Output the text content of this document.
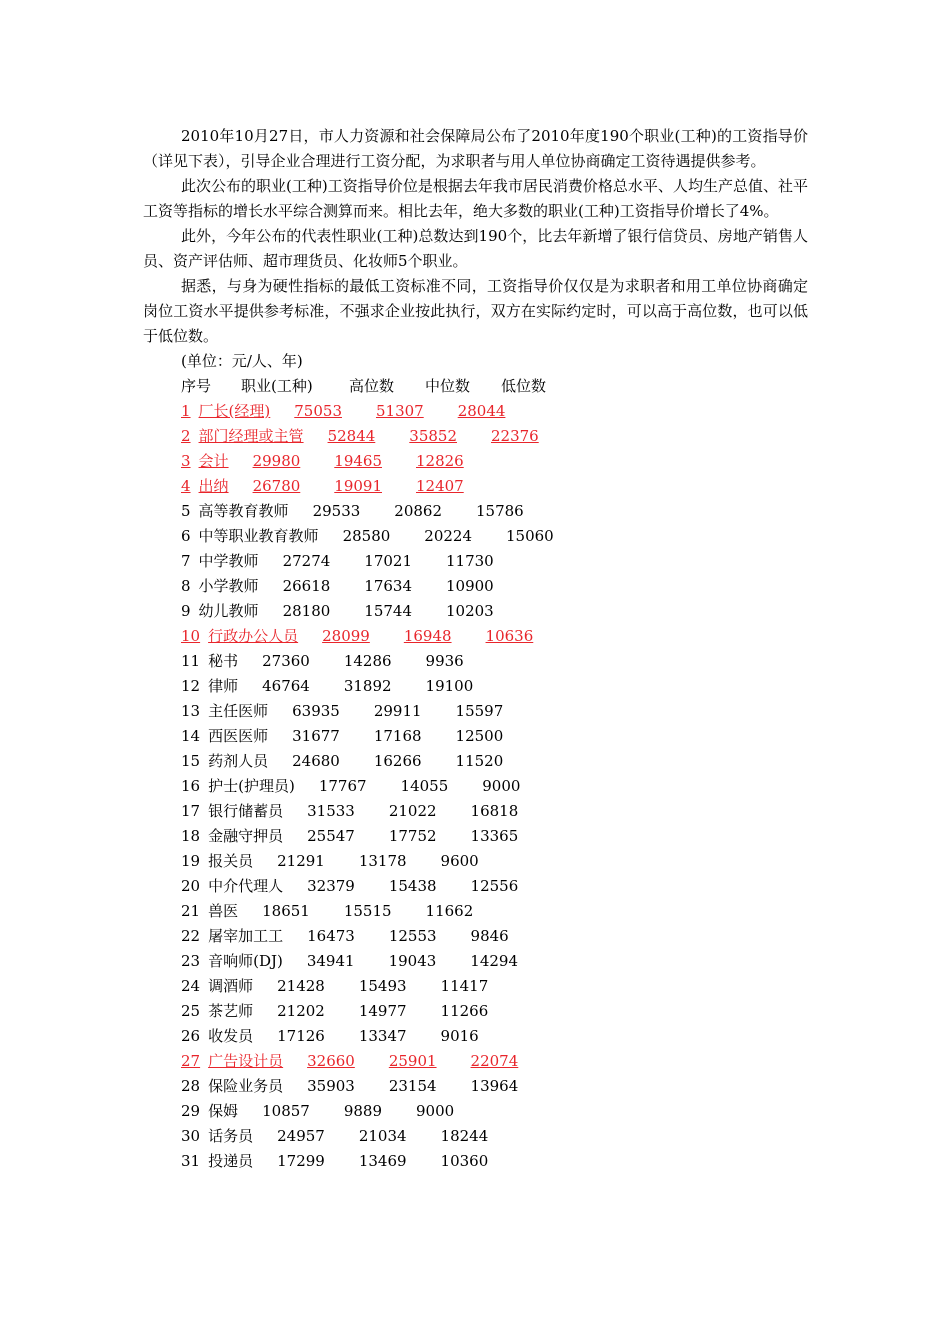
2010年10月27日，市人力资源和社会保障局公布了2010年度190个职业(工种)的工资指导价（详见下表），引导企业合理进行工资分配，为求职者与用人单位协商确定工资待遇提供参考。

此次公布的职业(工种)工资指导价位是根据去年我市居民消费价格总水平、人均生产总值、社平工资等指标的增长水平综合测算而来。相比去年，绝大多数的职业(工种)工资指导价增长了4%。

此外，今年公布的代表性职业(工种)总数达到190个，比去年新增了银行信贷员、房地产销售人员、资产评估师、超市理货员、化妆师5个职业。

据悉，与身为硬性指标的最低工资标准不同，工资指导价仅仅是为求职者和用工单位协商确定岗位工资水平提供参考标准，不强求企业按此执行，双方在实际约定时，可以高于高位数，也可以低于低位数。

(单位：元/人、年)

序号	职业(工种)	高位数	中位数	低位数
1 厂长(经理) 75053 51307 28044
2 部门经理或主管 52844 35852 22376
3 会计 29980 19465 12826
4 出纳 26780 19091 12407
5 高等教育教师 29533 20862 15786
6 中等职业教育教师 28580 20224 15060
7 中学教师 27274 17021 11730
8 小学教师 26618 17634 10900
9 幼儿教师 28180 15744 10203
10 行政办公人员 28099 16948 10636
11 秘书 27360 14286 9936
12 律师 46764 31892 19100
13 主任医师 63935 29911 15597
14 西医医师 31677 17168 12500
15 药剂人员 24680 16266 11520
16 护士(护理员) 17767 14055 9000
17 银行储蓄员 31533 21022 16818
18 金融守押员 25547 17752 13365
19 报关员 21291 13178 9600
20 中介代理人 32379 15438 12556
21 兽医 18651 15515 11662
22 屠宰加工工 16473 12553 9846
23 音响师(DJ) 34941 19043 14294
24 调酒师 21428 15493 11417
25 茶艺师 21202 14977 11266
26 收发员 17126 13347 9016
27 广告设计员 32660 25901 22074
28 保险业务员 35903 23154 13964
29 保姆 10857 9889 9000
30 话务员 24957 21034 18244
31 投递员 17299 13469 10360
